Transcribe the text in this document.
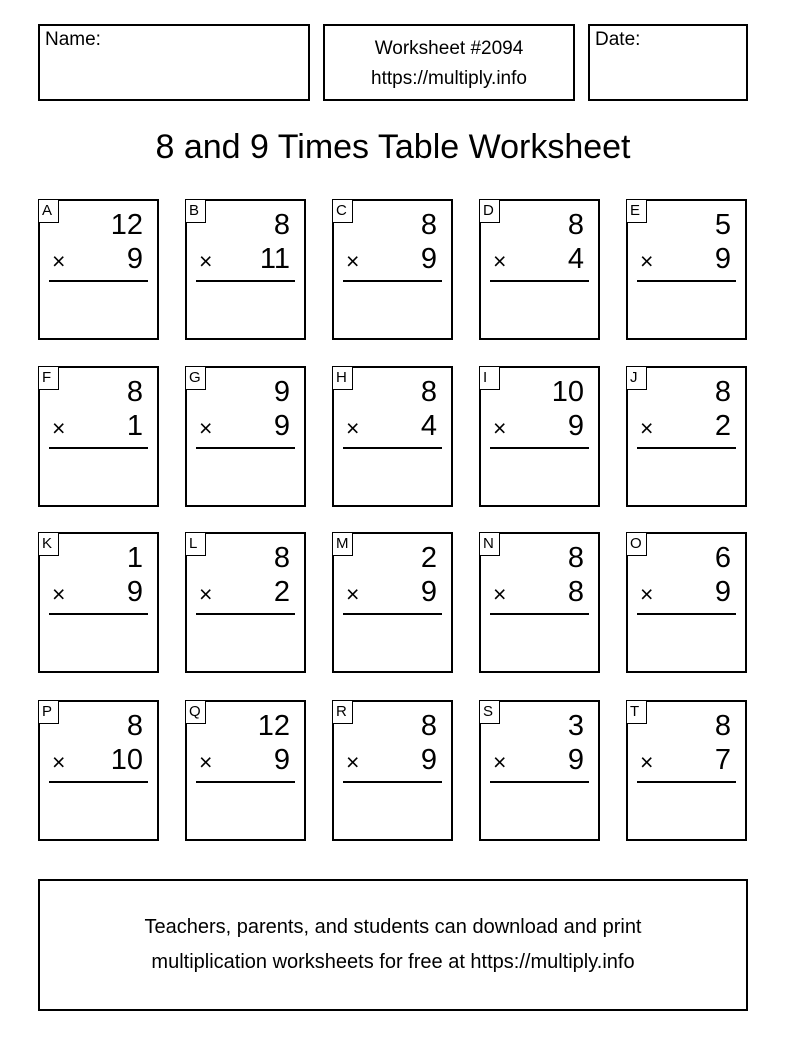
Name:	Worksheet #2094
https://multiply.info
Date:
8 and 9 Times Table Worksheet
A 12
× 9
B	8
× 11
C	8
× 9
D	8
× 4
E	5
× 9
F	8
× 1
G	9
× 9
H	8
× 4
I	10
× 9
J	8
× 2
K	1
× 9
L	8
× 2
M 2
× 9
N	8
× 8
O	6
× 9
P	8
× 10
Q 12
× 9
R	8
× 9
S	3
× 9
T	8
× 7
Teachers, parents, and students can download and print
multiplication worksheets for free at https://multiply.info
